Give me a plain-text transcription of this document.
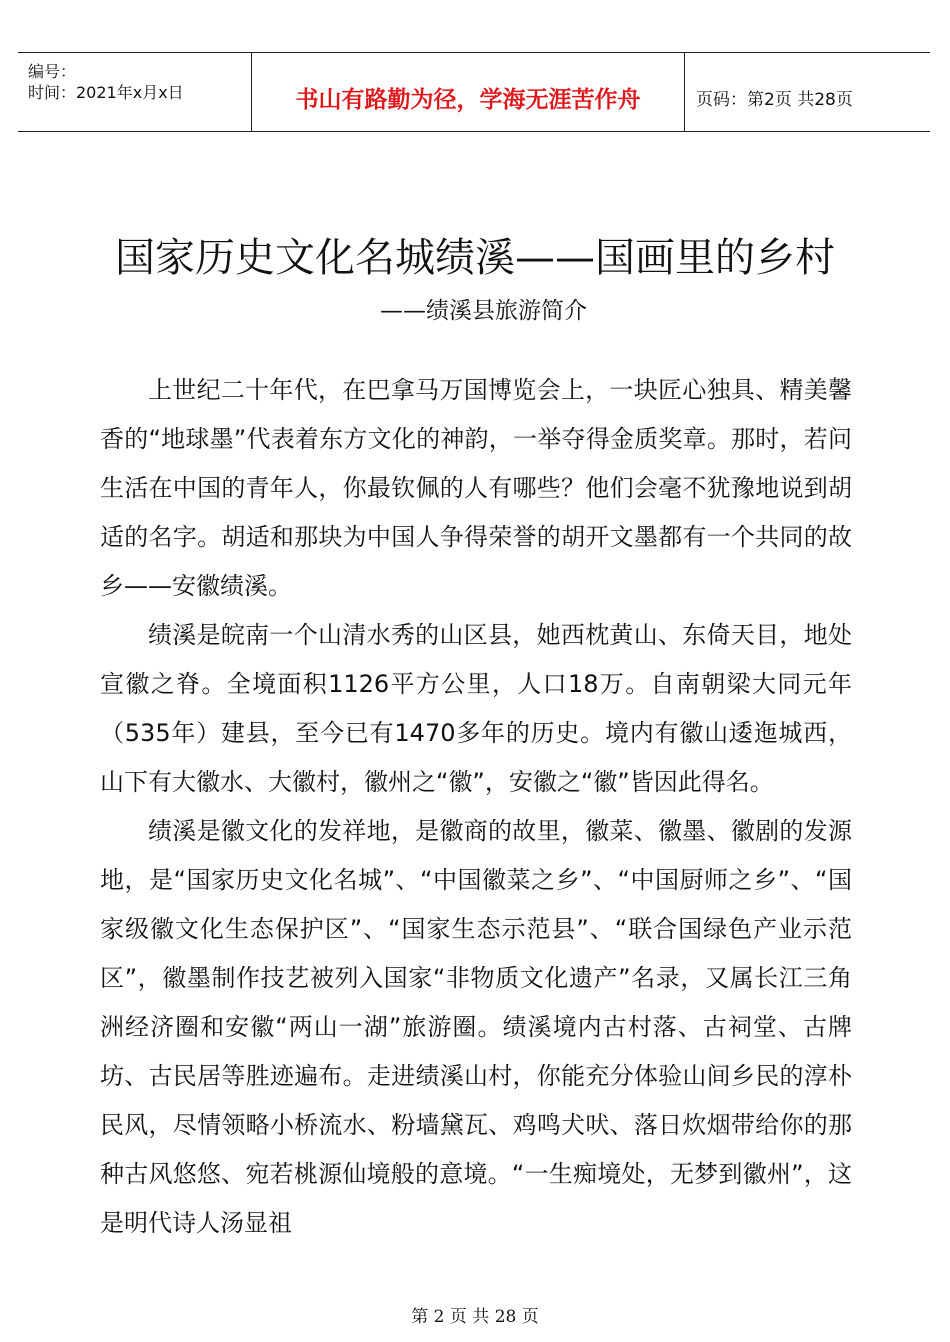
编号：
时间：2021年x月x日	书山有路勤为径，学海无涯苦作舟	页码：第2页 共28页
国家历史文化名城绩溪——国画里的乡村
——绩溪县旅游简介

上世纪二十年代，在巴拿马万国博览会上，一块匠心独具、精美馨香的“地球墨”代表着东方文化的神韵，一举夺得金质奖章。那时，若问生活在中国的青年人，你最钦佩的人有哪些？他们会毫不犹豫地说到胡适的名字。胡适和那块为中国人争得荣誉的胡开文墨都有一个共同的故乡——安徽绩溪。

绩溪是皖南一个山清水秀的山区县，她西枕黄山、东倚天目，地处宣徽之脊。全境面积1126平方公里，人口18万。自南朝梁大同元年（535年）建县，至今已有1470多年的历史。境内有徽山逶迤城西，山下有大徽水、大徽村，徽州之“徽”，安徽之“徽”皆因此得名。

绩溪是徽文化的发祥地，是徽商的故里，徽菜、徽墨、徽剧的发源地，是“国家历史文化名城”、“中国徽菜之乡”、“中国厨师之乡”、“国家级徽文化生态保护区”、“国家生态示范县”、“联合国绿色产业示范区”，徽墨制作技艺被列入国家“非物质文化遗产”名录，又属长江三角洲经济圈和安徽“两山一湖”旅游圈。绩溪境内古村落、古祠堂、古牌坊、古民居等胜迹遍布。走进绩溪山村，你能充分体验山间乡民的淳朴民风，尽情领略小桥流水、粉墙黛瓦、鸡鸣犬吠、落日炊烟带给你的那种古风悠悠、宛若桃源仙境般的意境。“一生痴境处，无梦到徽州”，这是明代诗人汤显祖

第 2 页 共 28 页
